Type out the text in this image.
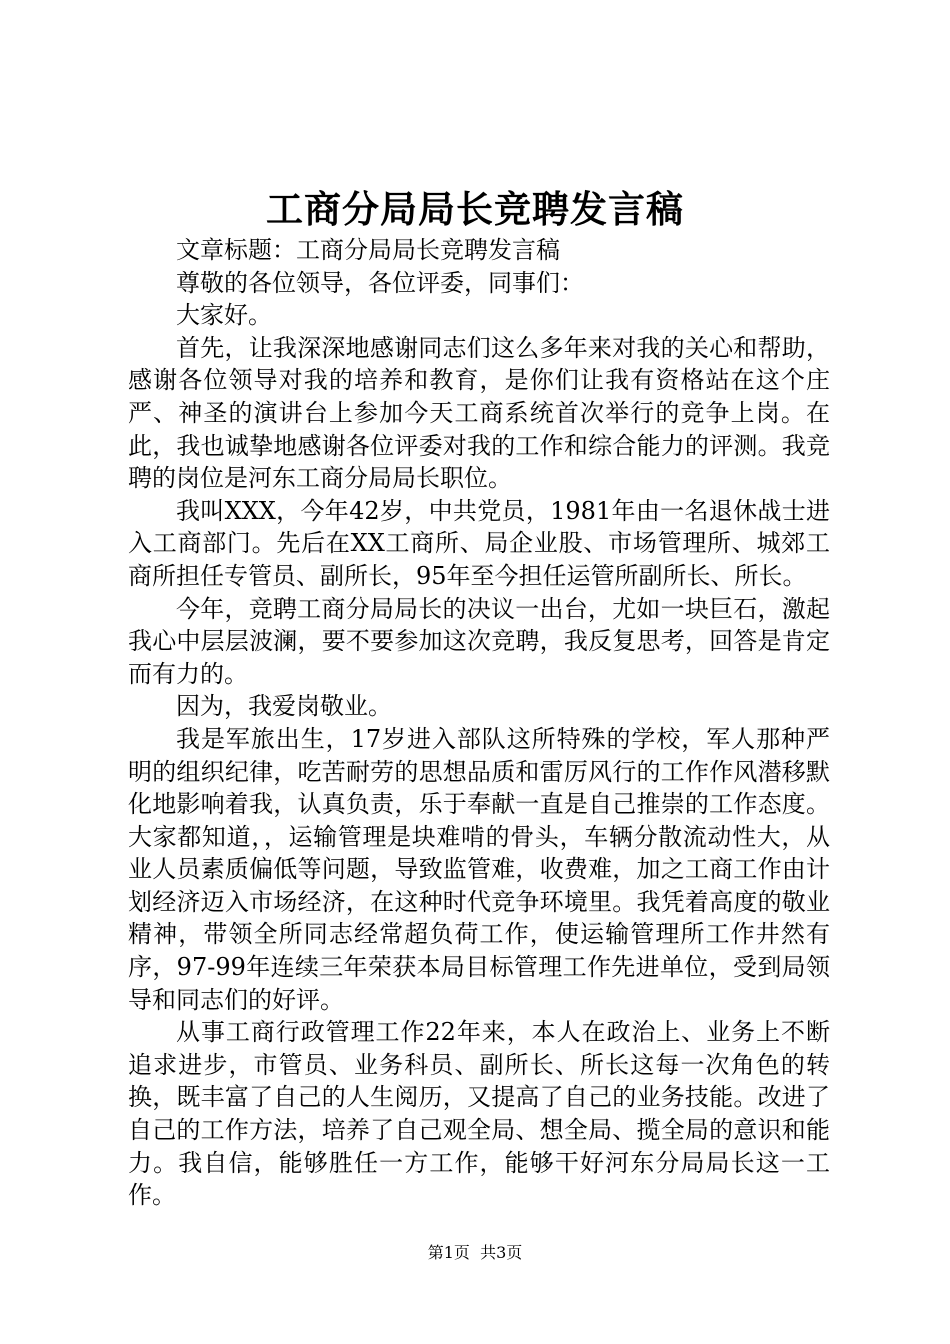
工商分局局长竞聘发言稿

文章标题：工商分局局长竞聘发言稿

尊敬的各位领导，各位评委，同事们：

大家好。

首先，让我深深地感谢同志们这么多年来对我的关心和帮助，感谢各位领导对我的培养和教育，是你们让我有资格站在这个庄严、神圣的演讲台上参加今天工商系统首次举行的竞争上岗。在此，我也诚挚地感谢各位评委对我的工作和综合能力的评测。我竞聘的岗位是河东工商分局局长职位。

我叫XXX，今年42岁，中共党员，1981年由一名退休战士进入工商部门。先后在XX工商所、局企业股、市场管理所、城郊工商所担任专管员、副所长，95年至今担任运管所副所长、所长。

今年，竞聘工商分局局长的决议一出台，尤如一块巨石，激起我心中层层波澜，要不要参加这次竞聘，我反复思考，回答是肯定而有力的。

因为，我爱岗敬业。

我是军旅出生，17岁进入部队这所特殊的学校，军人那种严明的组织纪律，吃苦耐劳的思想品质和雷厉风行的工作作风潜移默化地影响着我，认真负责，乐于奉献一直是自己推崇的工作态度。大家都知道，，运输管理是块难啃的骨头，车辆分散流动性大，从业人员素质偏低等问题，导致监管难，收费难，加之工商工作由计划经济迈入市场经济，在这种时代竞争环境里。我凭着高度的敬业精神，带领全所同志经常超负荷工作，使运输管理所工作井然有序，97-99年连续三年荣获本局目标管理工作先进单位，受到局领导和同志们的好评。

从事工商行政管理工作22年来，本人在政治上、业务上不断追求进步，市管员、业务科员、副所长、所长这每一次角色的转换，既丰富了自己的人生阅历，又提高了自己的业务技能。改进了自己的工作方法，培养了自己观全局、想全局、揽全局的意识和能力。我自信，能够胜任一方工作，能够干好河东分局局长这一工作。

第1页 共3页
